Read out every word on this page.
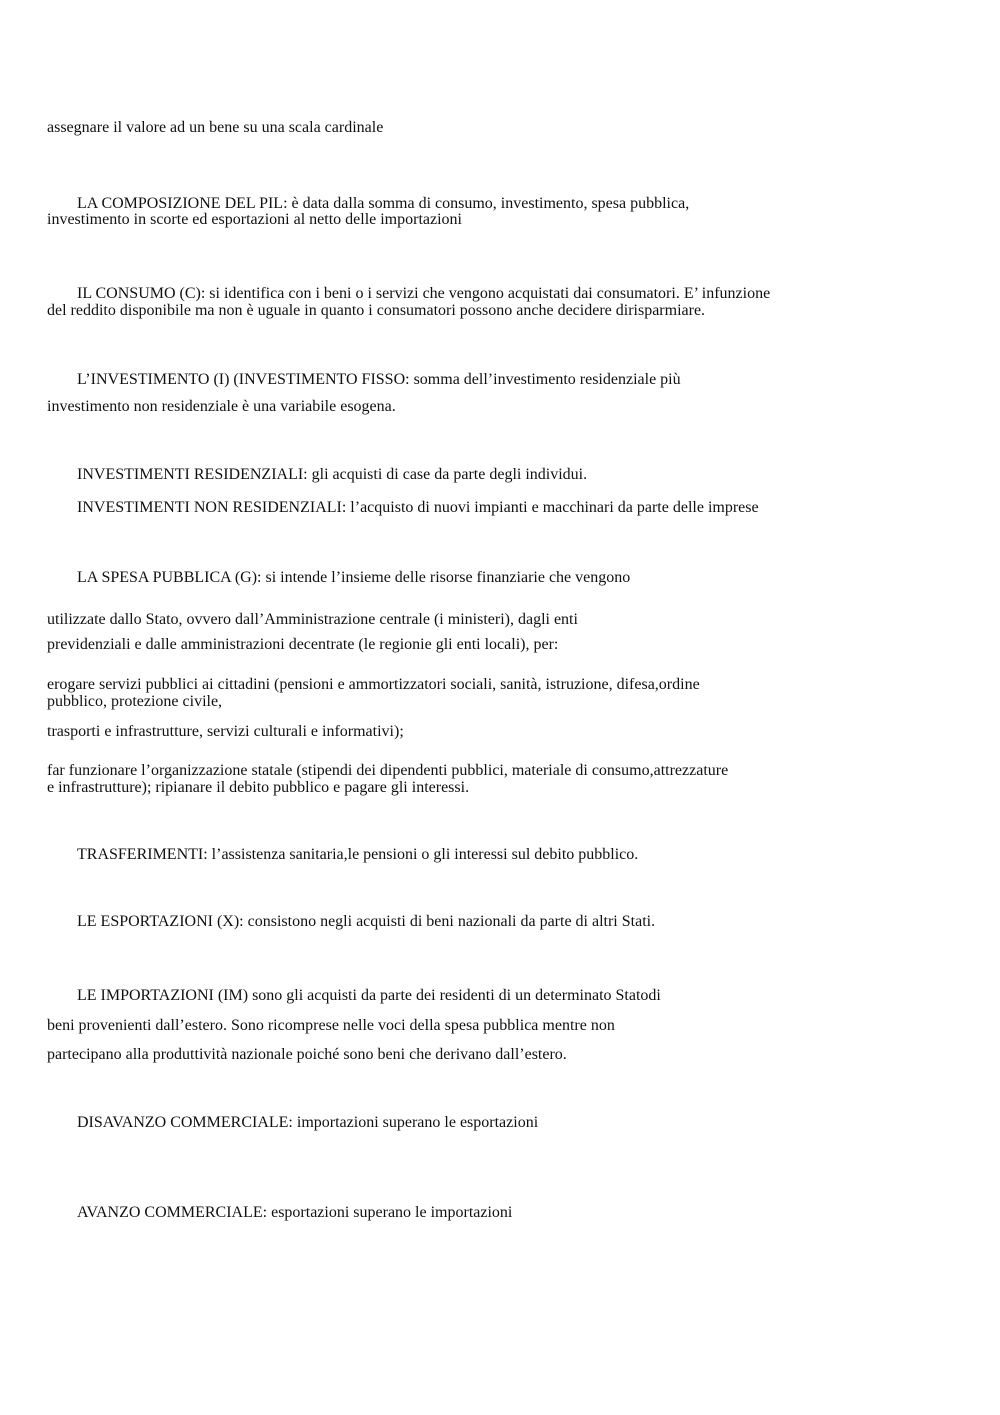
assegnare il valore ad un bene su una scala cardinale
LA COMPOSIZIONE DEL PIL: è data dalla somma di consumo, investimento, spesa pubblica,
investimento in scorte ed esportazioni al netto delle importazioni
IL CONSUMO (C): si identifica con i beni o i servizi che vengono acquistati dai consumatori. E’ infunzione
del reddito disponibile ma non è uguale in quanto i consumatori possono anche decidere dirisparmiare.
L’INVESTIMENTO (I) (INVESTIMENTO FISSO: somma dell’investimento residenziale più
investimento non residenziale è una variabile esogena.
INVESTIMENTI RESIDENZIALI: gli acquisti di case da parte degli individui.
INVESTIMENTI NON RESIDENZIALI: l’acquisto di nuovi impianti e macchinari da parte delle imprese
LA SPESA PUBBLICA (G): si intende l’insieme delle risorse finanziarie che vengono
utilizzate dallo Stato, ovvero dall’Amministrazione centrale (i ministeri), dagli enti
previdenziali e dalle amministrazioni decentrate (le regionie gli enti locali), per:
erogare servizi pubblici ai cittadini (pensioni e ammortizzatori sociali, sanità, istruzione, difesa,ordine
pubblico, protezione civile,
trasporti e infrastrutture, servizi culturali e informativi);
far funzionare l’organizzazione statale (stipendi dei dipendenti pubblici, materiale di consumo,attrezzature
e infrastrutture); ripianare il debito pubblico e pagare gli interessi.
TRASFERIMENTI: l’assistenza sanitaria,le pensioni o gli interessi sul debito pubblico.
LE ESPORTAZIONI (X): consistono negli acquisti di beni nazionali da parte di altri Stati.
LE IMPORTAZIONI (IM) sono gli acquisti da parte dei residenti di un determinato Statodi
beni provenienti dall’estero. Sono ricomprese nelle voci della spesa pubblica mentre non
partecipano alla produttività nazionale poiché sono beni che derivano dall’estero.
DISAVANZO COMMERCIALE: importazioni superano le esportazioni
AVANZO COMMERCIALE: esportazioni superano le importazioni
